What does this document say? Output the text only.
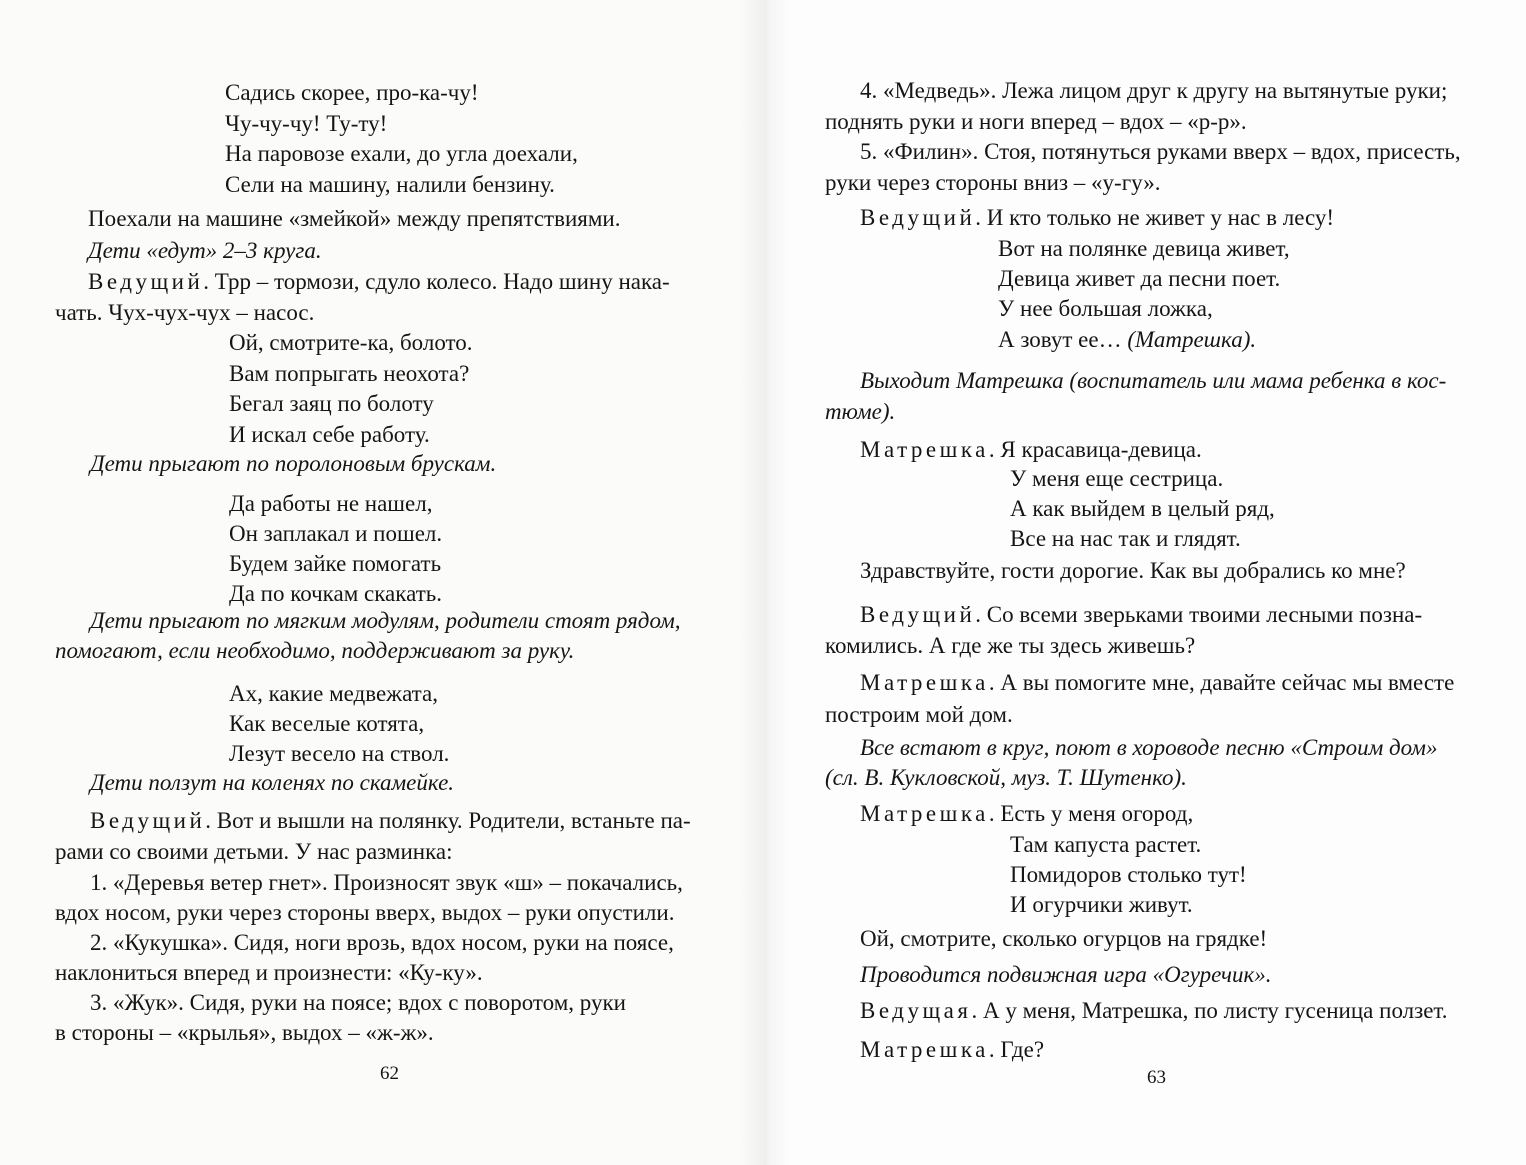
Садись скорее, про-ка-чу!
Чу-чу-чу! Ту-ту!
На паровозе ехали, до угла доехали,
Сели на машину, налили бензину.
Поехали на машине «змейкой» между препятствиями.
Дети «едут» 2–3 круга.
Ведущий. Трр – тормози, сдуло колесо. Надо шину нака-
чать. Чух-чух-чух – насос.
Ой, смотрите-ка, болото.
Вам попрыгать неохота?
Бегал заяц по болоту
И искал себе работу.
Дети прыгают по поролоновым брускам.
Да работы не нашел,
Он заплакал и пошел.
Будем зайке помогать
Да по кочкам скакать.
Дети прыгают по мягким модулям, родители стоят рядом,
помогают, если необходимо, поддерживают за руку.
Ах, какие медвежата,
Как веселые котята,
Лезут весело на ствол.
Дети ползут на коленях по скамейке.
Ведущий. Вот и вышли на полянку. Родители, встаньте па-
рами со своими детьми. У нас разминка:
1. «Деревья ветер гнет». Произносят звук «ш» – покачались,
вдох носом, руки через стороны вверх, выдох – руки опустили.
2. «Кукушка». Сидя, ноги врозь, вдох носом, руки на поясе,
наклониться вперед и произнести: «Ку-ку».
3. «Жук». Сидя, руки на поясе; вдох с поворотом, руки
в стороны – «крылья», выдох – «ж-ж».
62
4. «Медведь». Лежа лицом друг к другу на вытянутые руки;
поднять руки и ноги вперед – вдох – «р-р».
5. «Филин». Стоя, потянуться руками вверх – вдох, присесть,
руки через стороны вниз – «у-гу».
Ведущий. И кто только не живет у нас в лесу!
Вот на полянке девица живет,
Девица живет да песни поет.
У нее большая ложка,
А зовут ее… (Матрешка).
Выходит Матрешка (воспитатель или мама ребенка в кос-
тюме).
Матрешка. Я красавица-девица.
У меня еще сестрица.
А как выйдем в целый ряд,
Все на нас так и глядят.
Здравствуйте, гости дорогие. Как вы добрались ко мне?
Ведущий. Со всеми зверьками твоими лесными позна-
комились. А где же ты здесь живешь?
Матрешка. А вы помогите мне, давайте сейчас мы вместе
построим мой дом.
Все встают в круг, поют в хороводе песню «Строим дом»
(сл. В. Кукловской, муз. Т. Шутенко).
Матрешка. Есть у меня огород,
Там капуста растет.
Помидоров столько тут!
И огурчики живут.
Ой, смотрите, сколько огурцов на грядке!
Проводится подвижная игра «Огуречик».
Ведущая. А у меня, Матрешка, по листу гусеница ползет.
Матрешка. Где?
63
